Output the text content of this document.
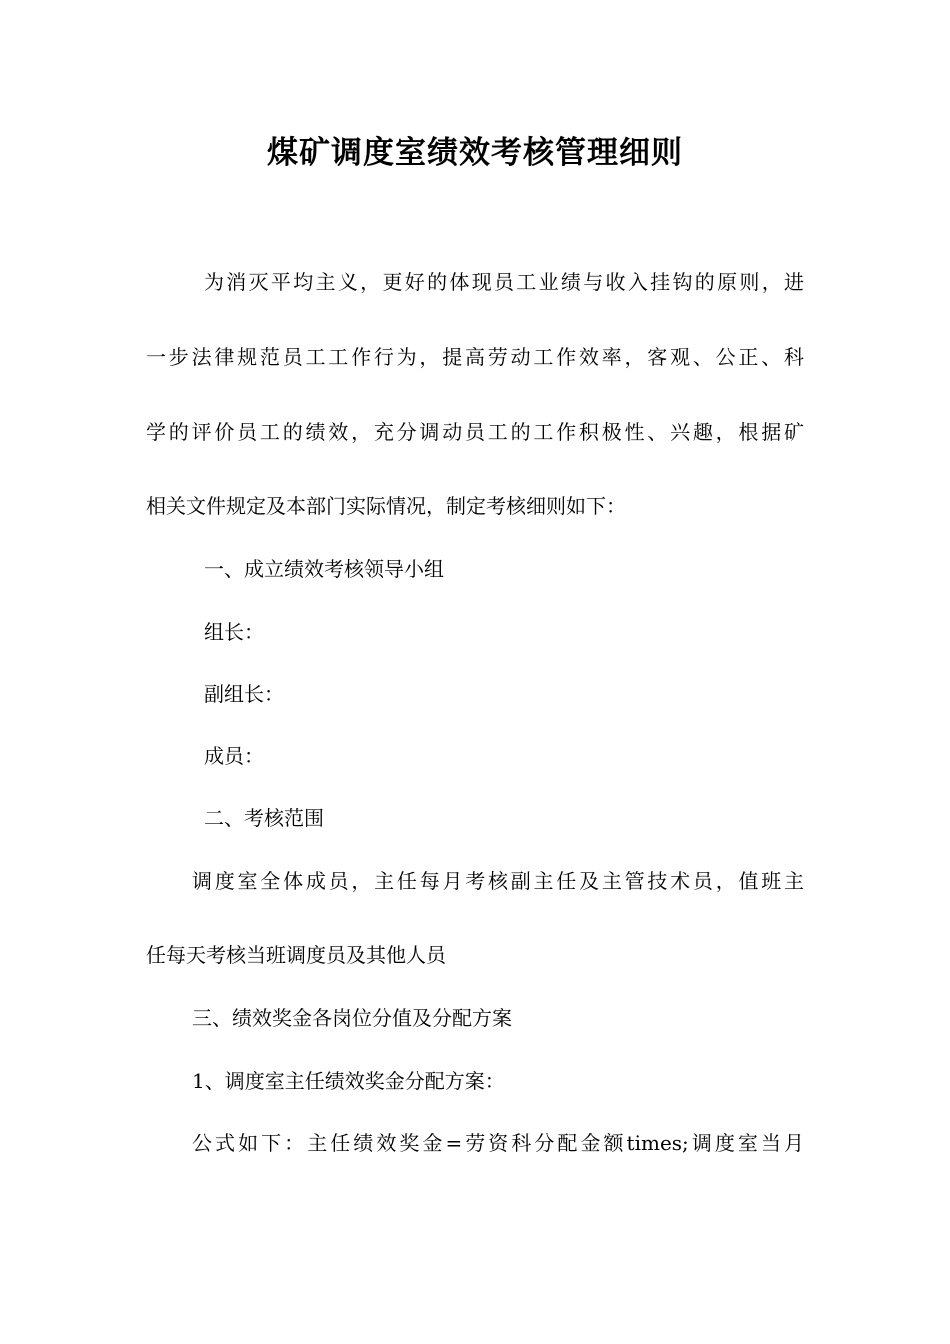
煤矿调度室绩效考核管理细则
为消灭平均主义，更好的体现员工业绩与收入挂钩的原则，进
一步法律规范员工工作行为，提高劳动工作效率，客观、公正、科
学的评价员工的绩效，充分调动员工的工作积极性、兴趣，根据矿
相关文件规定及本部门实际情况，制定考核细则如下：
一、成立绩效考核领导小组
组长：
副组长：
成员：
二、考核范围
调度室全体成员，主任每月考核副主任及主管技术员，值班主
任每天考核当班调度员及其他人员
三、绩效奖金各岗位分值及分配方案
1、调度室主任绩效奖金分配方案：
公式如下：主任绩效奖金=劳资科分配金额times;调度室当月
